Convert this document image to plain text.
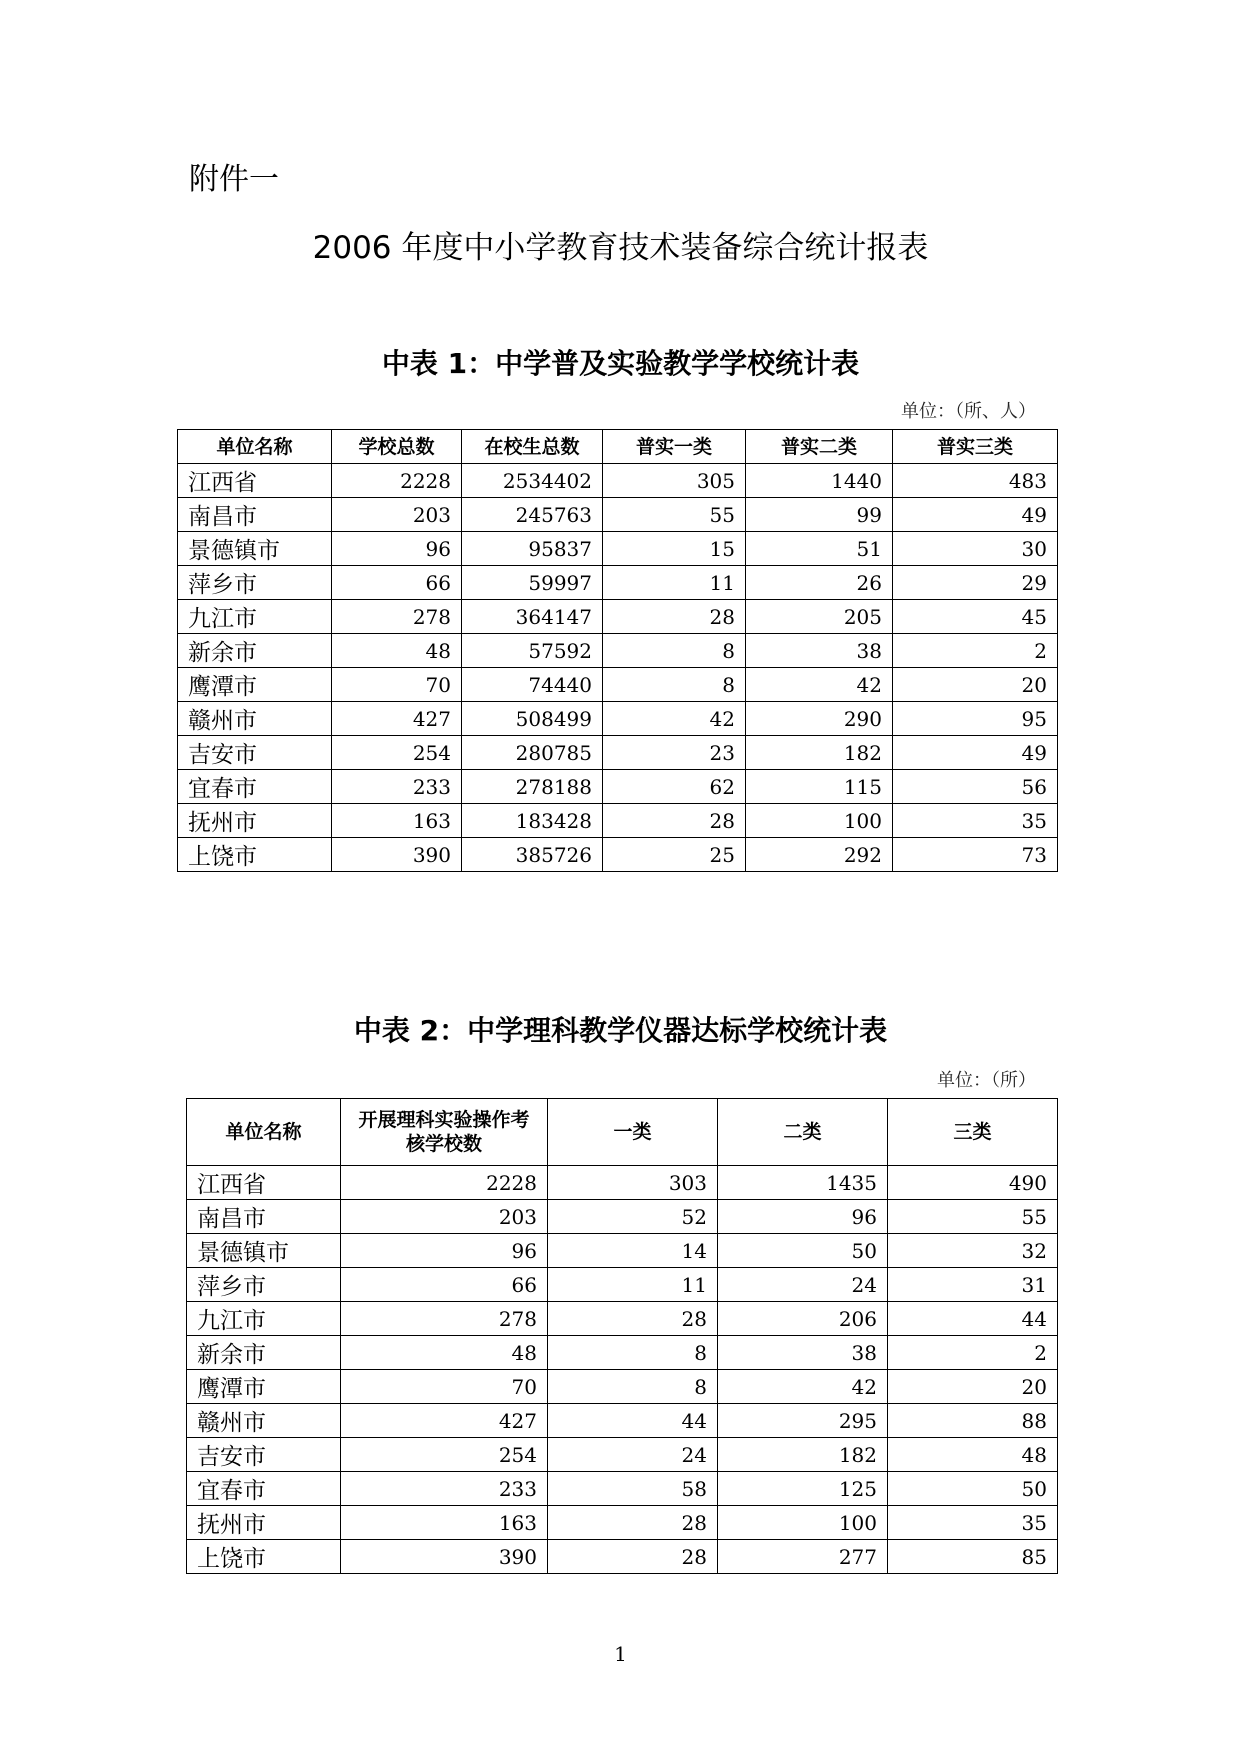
附件一
2006 年度中小学教育技术装备综合统计报表
中表 1：中学普及实验教学学校统计表
单位：（所、人）
单位名称	学校总数	在校生总数	普实一类	普实二类	普实三类
江西省	2228	2534402	305	1440	483
南昌市	203	245763	55	99	49
景德镇市	96	95837	15	51	30
萍乡市	66	59997	11	26	29
九江市	278	364147	28	205	45
新余市	48	57592	8	38	2
鹰潭市	70	74440	8	42	20
赣州市	427	508499	42	290	95
吉安市	254	280785	23	182	49
宜春市	233	278188	62	115	56
抚州市	163	183428	28	100	35
上饶市	390	385726	25	292	73
中表 2：中学理科教学仪器达标学校统计表
单位：（所）
单位名称	开展理科实验操作考核学校数	一类	二类	三类
江西省	2228	303	1435	490
南昌市	203	52	96	55
景德镇市	96	14	50	32
萍乡市	66	11	24	31
九江市	278	28	206	44
新余市	48	8	38	2
鹰潭市	70	8	42	20
赣州市	427	44	295	88
吉安市	254	24	182	48
宜春市	233	58	125	50
抚州市	163	28	100	35
上饶市	390	28	277	85
1
